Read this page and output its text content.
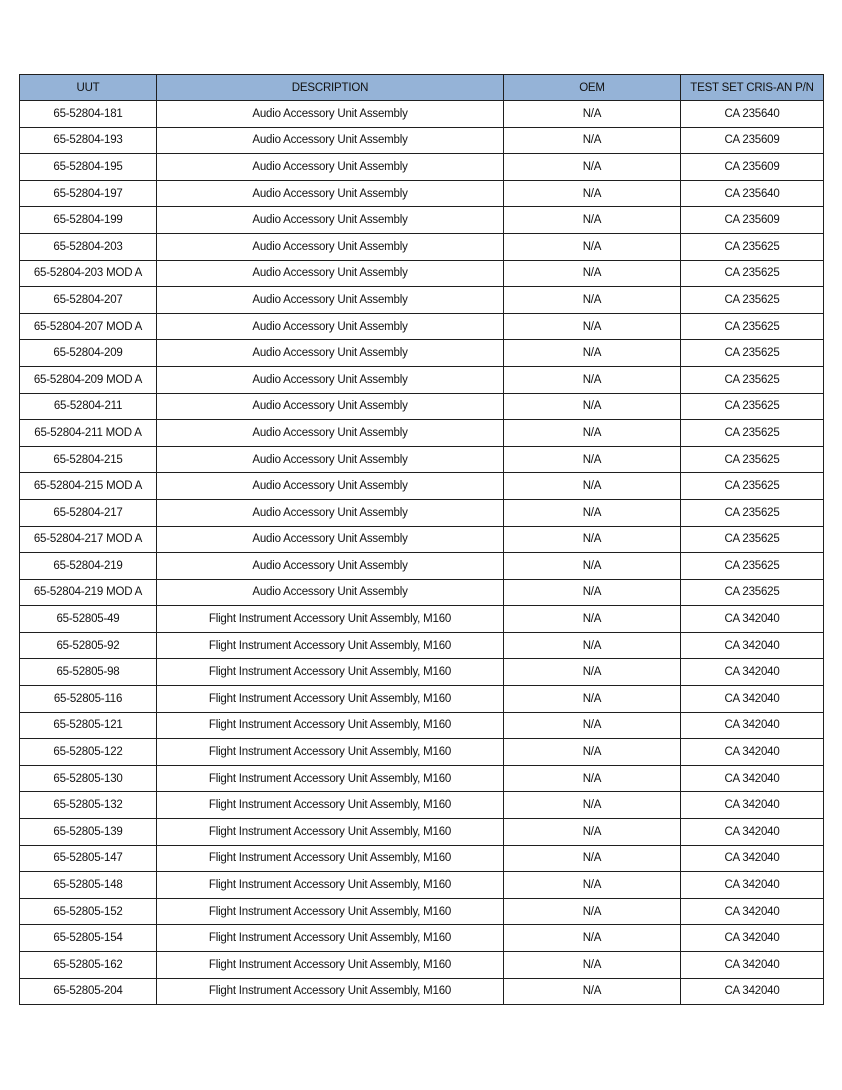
UUT	DESCRIPTION	OEM	TEST SET CRIS-AN P/N
65-52804-181	Audio Accessory Unit Assembly	N/A	CA 235640
65-52804-193	Audio Accessory Unit Assembly	N/A	CA 235609
65-52804-195	Audio Accessory Unit Assembly	N/A	CA 235609
65-52804-197	Audio Accessory Unit Assembly	N/A	CA 235640
65-52804-199	Audio Accessory Unit Assembly	N/A	CA 235609
65-52804-203	Audio Accessory Unit Assembly	N/A	CA 235625
65-52804-203 MOD A	Audio Accessory Unit Assembly	N/A	CA 235625
65-52804-207	Audio Accessory Unit Assembly	N/A	CA 235625
65-52804-207 MOD A	Audio Accessory Unit Assembly	N/A	CA 235625
65-52804-209	Audio Accessory Unit Assembly	N/A	CA 235625
65-52804-209 MOD A	Audio Accessory Unit Assembly	N/A	CA 235625
65-52804-211	Audio Accessory Unit Assembly	N/A	CA 235625
65-52804-211 MOD A	Audio Accessory Unit Assembly	N/A	CA 235625
65-52804-215	Audio Accessory Unit Assembly	N/A	CA 235625
65-52804-215 MOD A	Audio Accessory Unit Assembly	N/A	CA 235625
65-52804-217	Audio Accessory Unit Assembly	N/A	CA 235625
65-52804-217 MOD A	Audio Accessory Unit Assembly	N/A	CA 235625
65-52804-219	Audio Accessory Unit Assembly	N/A	CA 235625
65-52804-219 MOD A	Audio Accessory Unit Assembly	N/A	CA 235625
65-52805-49	Flight Instrument Accessory Unit Assembly, M160	N/A	CA 342040
65-52805-92	Flight Instrument Accessory Unit Assembly, M160	N/A	CA 342040
65-52805-98	Flight Instrument Accessory Unit Assembly, M160	N/A	CA 342040
65-52805-116	Flight Instrument Accessory Unit Assembly, M160	N/A	CA 342040
65-52805-121	Flight Instrument Accessory Unit Assembly, M160	N/A	CA 342040
65-52805-122	Flight Instrument Accessory Unit Assembly, M160	N/A	CA 342040
65-52805-130	Flight Instrument Accessory Unit Assembly, M160	N/A	CA 342040
65-52805-132	Flight Instrument Accessory Unit Assembly, M160	N/A	CA 342040
65-52805-139	Flight Instrument Accessory Unit Assembly, M160	N/A	CA 342040
65-52805-147	Flight Instrument Accessory Unit Assembly, M160	N/A	CA 342040
65-52805-148	Flight Instrument Accessory Unit Assembly, M160	N/A	CA 342040
65-52805-152	Flight Instrument Accessory Unit Assembly, M160	N/A	CA 342040
65-52805-154	Flight Instrument Accessory Unit Assembly, M160	N/A	CA 342040
65-52805-162	Flight Instrument Accessory Unit Assembly, M160	N/A	CA 342040
65-52805-204	Flight Instrument Accessory Unit Assembly, M160	N/A	CA 342040
